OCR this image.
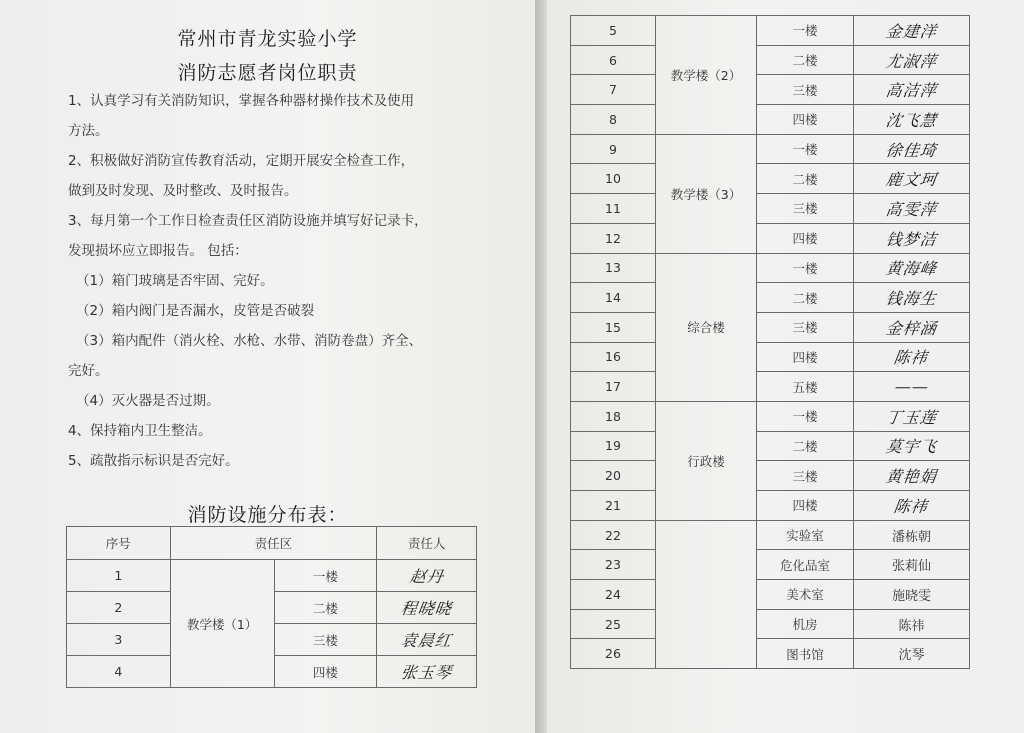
常州市青龙实验小学
消防志愿者岗位职责

1、认真学习有关消防知识，掌握各种器材操作技术及使用

方法。

2、积极做好消防宣传教育活动，定期开展安全检查工作，

做到及时发现、及时整改、及时报告。

3、每月第一个工作日检查责任区消防设施并填写好记录卡，

发现损坏应立即报告。 包括：

（1）箱门玻璃是否牢固、完好。

（2）箱内阀门是否漏水，皮管是否破裂

（3）箱内配件（消火栓、水枪、水带、消防卷盘）齐全、

完好。

（4）灭火器是否过期。

4、保持箱内卫生整洁。

5、疏散指示标识是否完好。

消防设施分布表：
序号	责任区		责任人
1	教学楼（1）	一楼	赵丹
2		二楼	程晓晓
3		三楼	袁晨红
4		四楼	张玉琴
5	教学楼（2）	一楼	金建洋
6		二楼	尤淑萍
7		三楼	高洁萍
8		四楼	沈飞慧
9	教学楼（3）	一楼	徐佳琦
10		二楼	鹿文珂
11		三楼	高雯萍
12		四楼	钱梦洁
13	综合楼	一楼	黄海峰
14		二楼	钱海生
15		三楼	金梓涵
16		四楼	陈祎
17		五楼	——
18	行政楼	一楼	丁玉莲
19		二楼	莫宇飞
20		三楼	黄艳娟
21		四楼	陈祎
22		实验室	潘栋朝
23		危化品室	张莉仙
24		美术室	施晓雯
25		机房	陈祎
26		图书馆	沈琴
